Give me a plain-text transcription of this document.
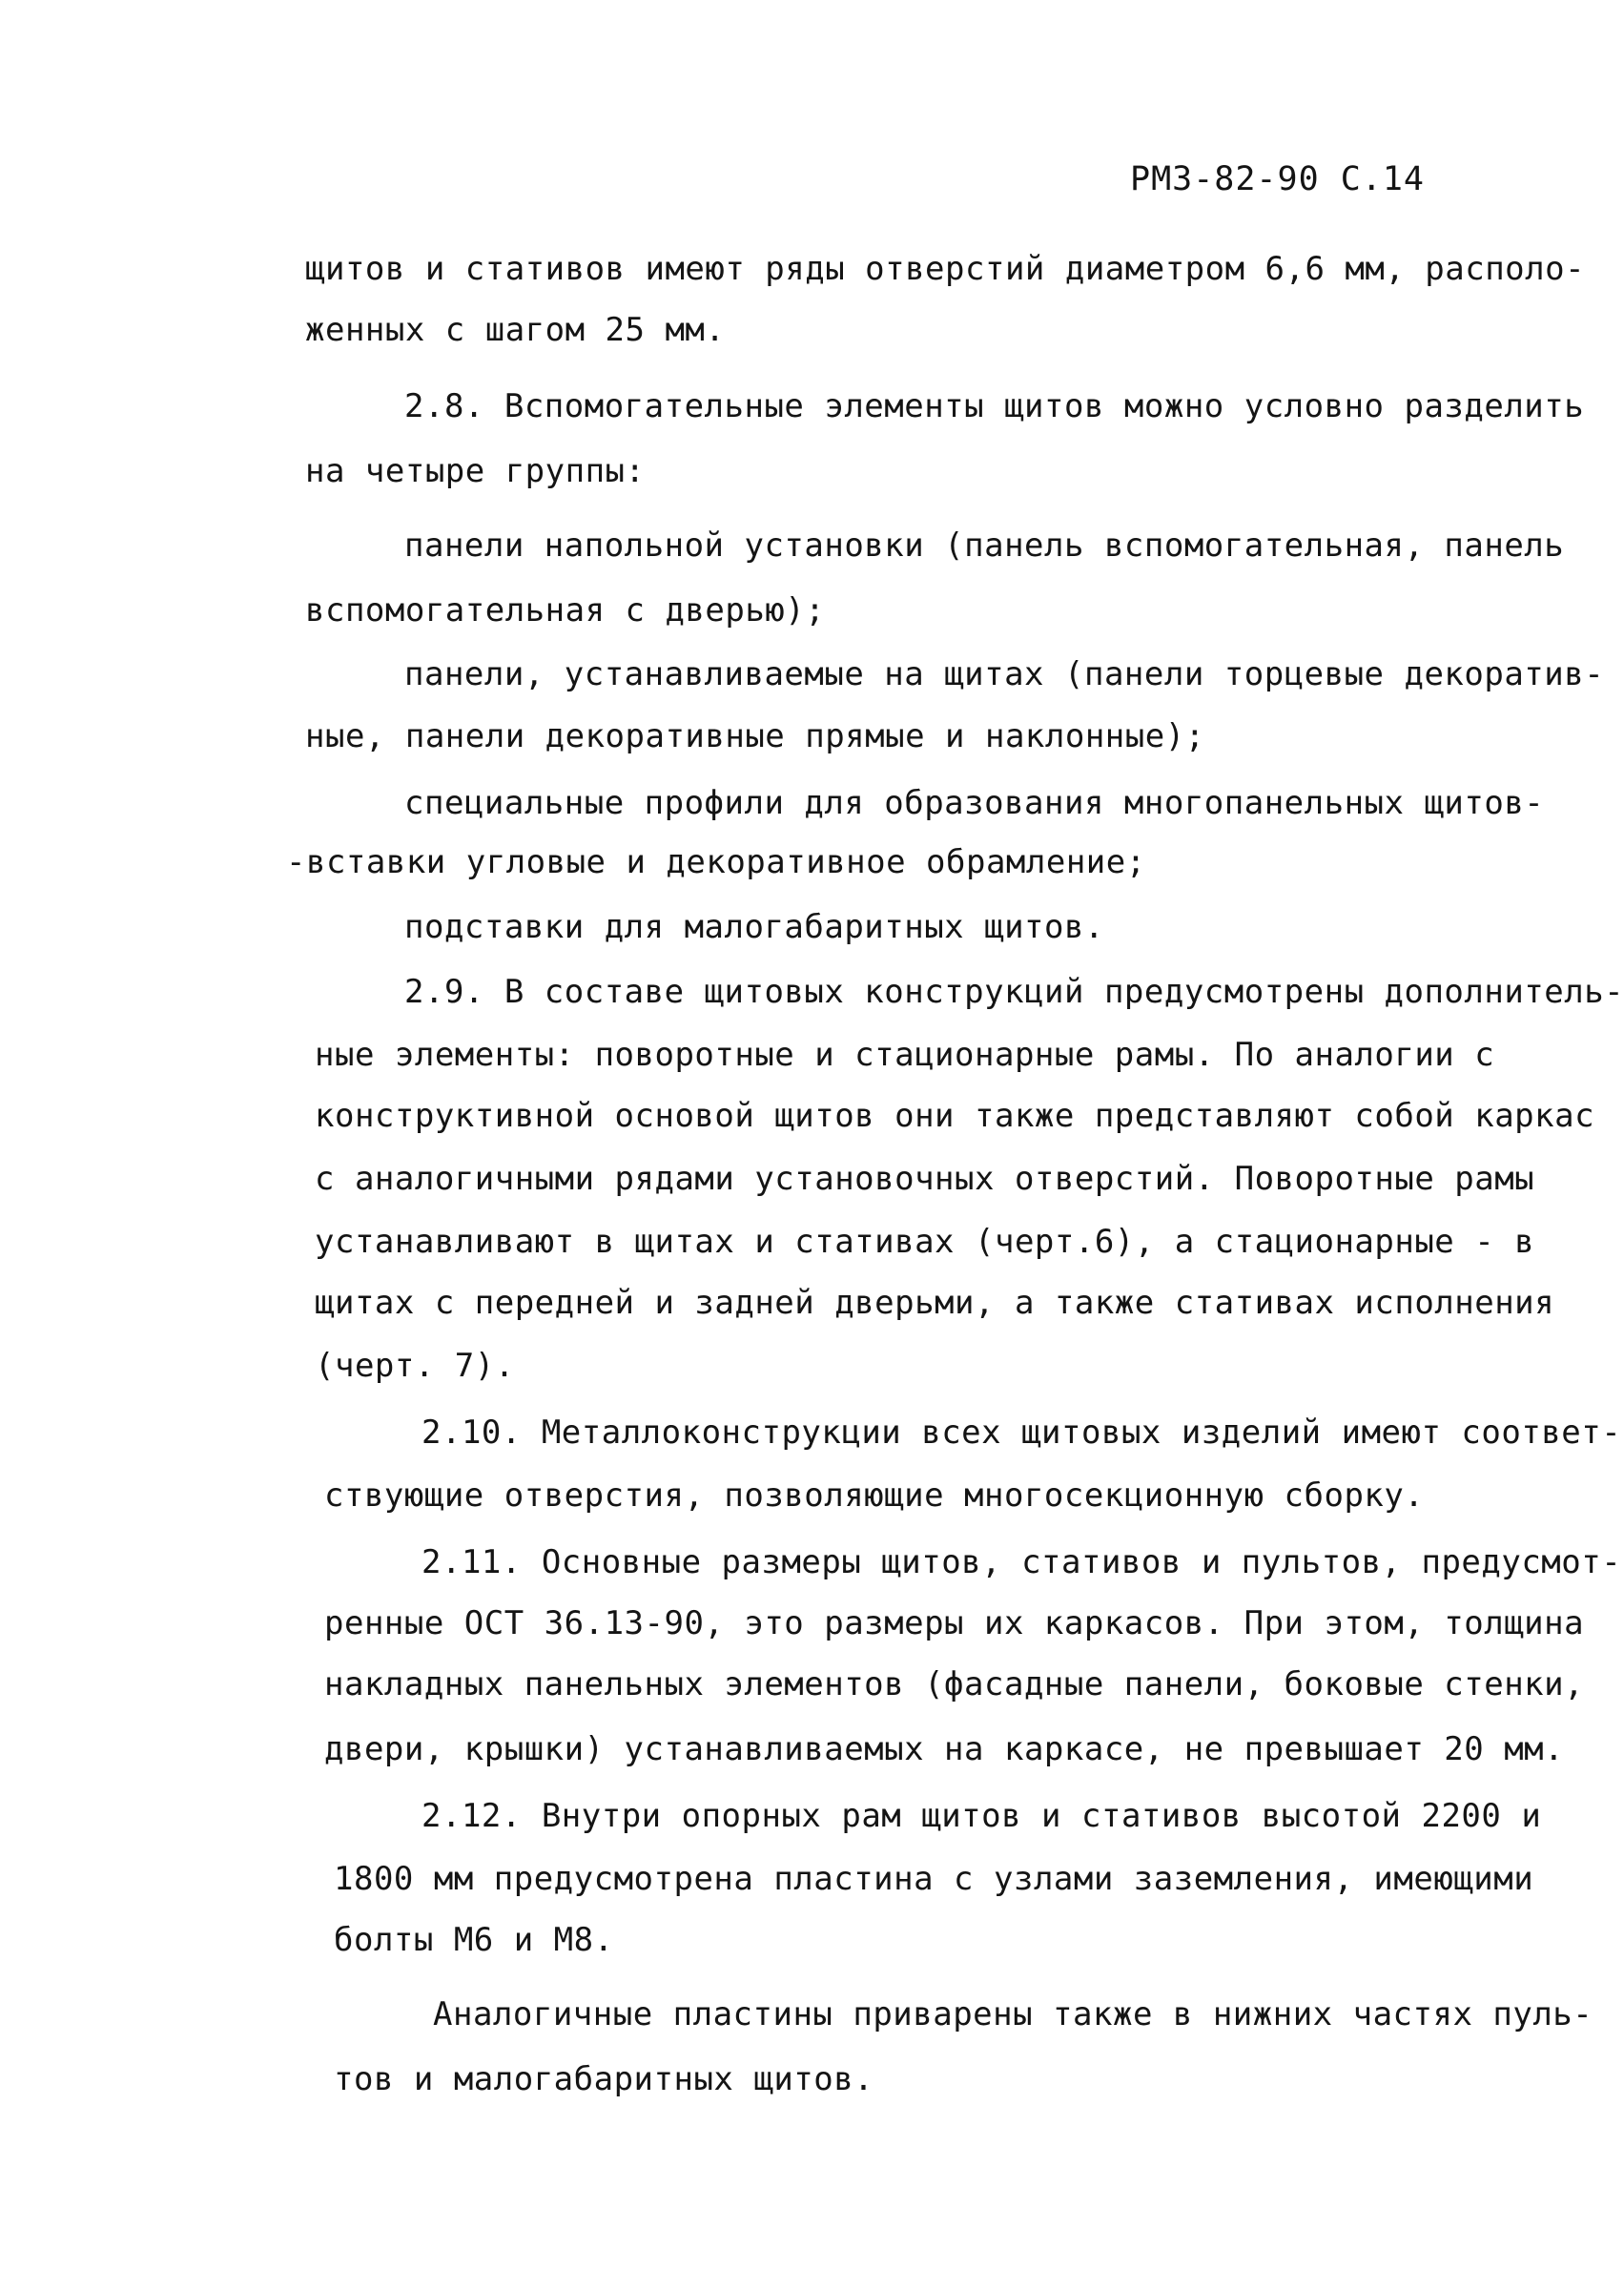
РМ3-82-90 С.14
щитов и стативов имеют ряды отверстий диаметром 6,6 мм, располо-
женных с шагом 25 мм.
2.8. Вспомогательные элементы щитов можно условно разделить
на четыре группы:
панели напольной установки (панель вспомогательная, панель
вспомогательная с дверью);
панели, устанавливаемые на щитах (панели торцевые декоратив-
ные, панели декоративные прямые и наклонные);
специальные профили для образования многопанельных щитов-
-вставки угловые и декоративное обрамление;
подставки для малогабаритных щитов.
2.9. В составе щитовых конструкций предусмотрены дополнитель-
ные элементы: поворотные и стационарные рамы. По аналогии с
конструктивной основой щитов они также представляют собой каркас
с аналогичными рядами установочных отверстий. Поворотные рамы
устанавливают в щитах и стативах (черт.6), а стационарные - в
щитах с передней и задней дверьми, а также стативах исполнения
(черт. 7).
2.10. Металлоконструкции всех щитовых изделий имеют соответ-
ствующие отверстия, позволяющие многосекционную сборку.
2.11. Основные размеры щитов, стативов и пультов, предусмот-
ренные ОСТ 36.13-90, это размеры их каркасов. При этом, толщина
накладных панельных элементов (фасадные панели, боковые стенки,
двери, крышки) устанавливаемых на каркасе, не превышает 20 мм.
2.12. Внутри опорных рам щитов и стативов высотой 2200 и
1800 мм предусмотрена пластина с узлами заземления, имеющими
болты М6 и М8.
Аналогичные пластины приварены также в нижних частях пуль-
тов и малогабаритных щитов.
